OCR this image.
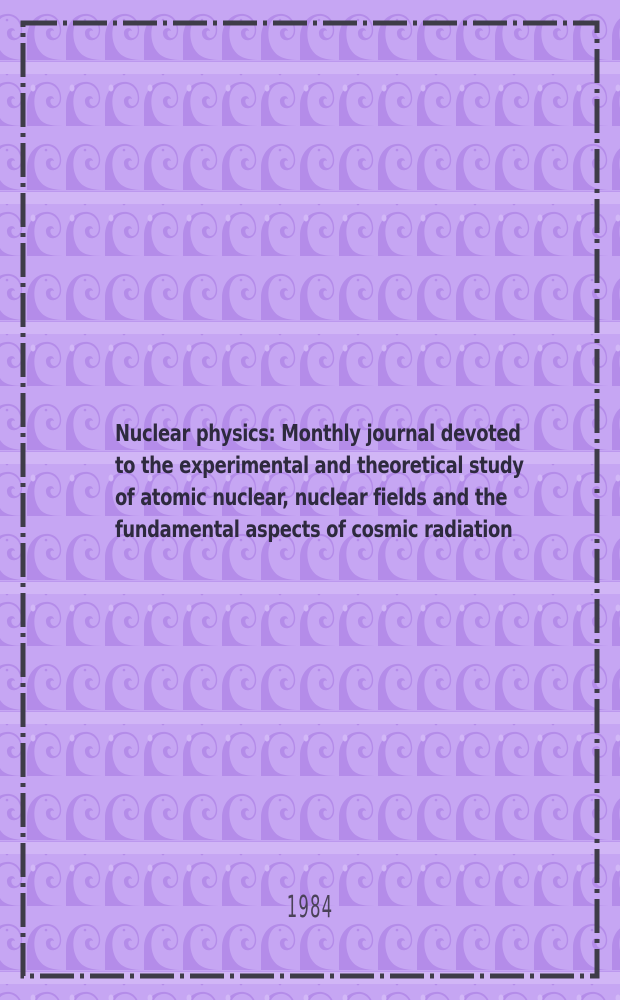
Nuclear physics: Monthly journal devoted
to the experimental and theoretical study
of atomic nuclear, nuclear fields and the
fundamental aspects of cosmic radiation
1984
